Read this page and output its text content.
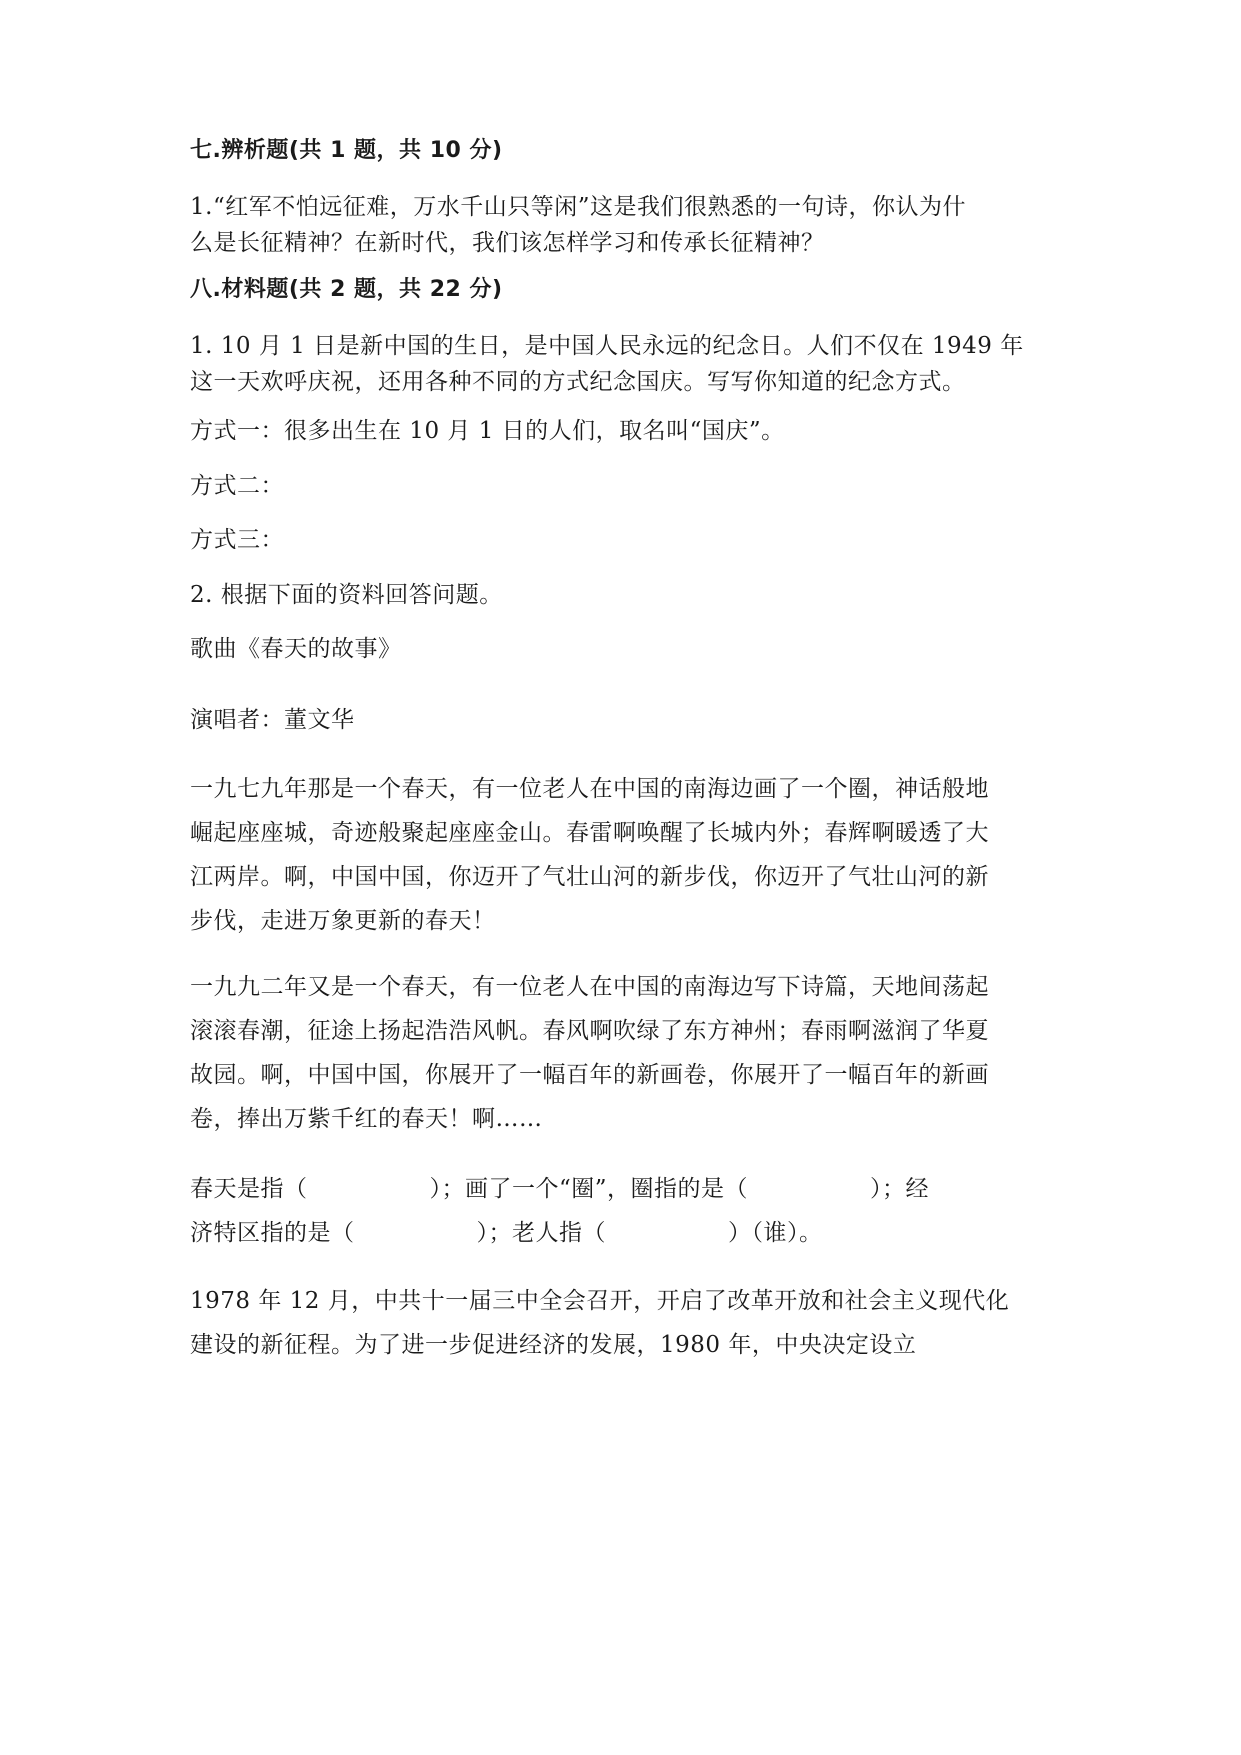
七.辨析题(共 1 题，共 10 分)
1.“红军不怕远征难，万水千山只等闲”这是我们很熟悉的一句诗，你认为什
么是长征精神？在新时代，我们该怎样学习和传承长征精神？
八.材料题(共 2 题，共 22 分)
1. 10 月 1 日是新中国的生日，是中国人民永远的纪念日。人们不仅在 1949 年
这一天欢呼庆祝，还用各种不同的方式纪念国庆。写写你知道的纪念方式。
方式一：很多出生在 10 月 1 日的人们，取名叫“国庆”。
方式二：
方式三：
2. 根据下面的资料回答问题。
歌曲《春天的故事》
演唱者：董文华
一九七九年那是一个春天，有一位老人在中国的南海边画了一个圈，神话般地
崛起座座城，奇迹般聚起座座金山。春雷啊唤醒了长城内外；春辉啊暖透了大
江两岸。啊，中国中国，你迈开了气壮山河的新步伐，你迈开了气壮山河的新
步伐，走进万象更新的春天！
一九九二年又是一个春天，有一位老人在中国的南海边写下诗篇，天地间荡起
滚滚春潮，征途上扬起浩浩风帆。春风啊吹绿了东方神州；春雨啊滋润了华夏
故园。啊，中国中国，你展开了一幅百年的新画卷，你展开了一幅百年的新画
卷，捧出万紫千红的春天！啊……
春天是指（	）；画了一个“圈”，圈指的是（	）；经
济特区指的是（	）；老人指（	）（谁）。
1978 年 12 月，中共十一届三中全会召开，开启了改革开放和社会主义现代化
建设的新征程。为了进一步促进经济的发展，1980 年，中央决定设立
